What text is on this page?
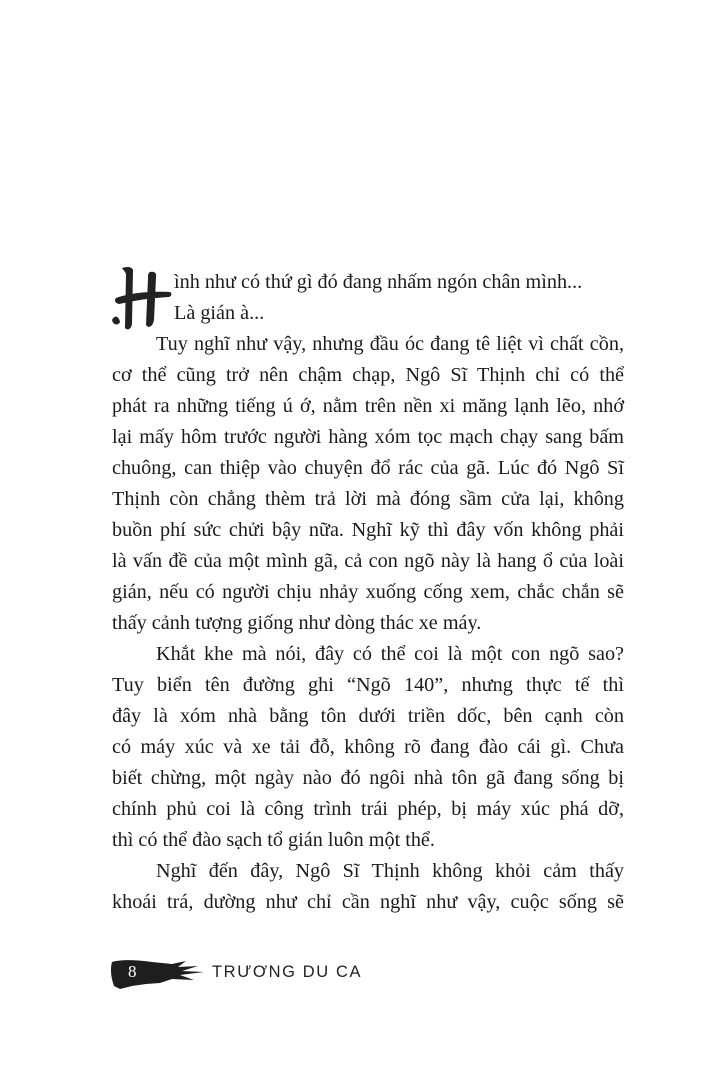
H
ình như có thứ gì đó đang nhấm ngón chân mình...
Là gián à...
Tuy nghĩ như vậy, nhưng đầu óc đang tê liệt vì chất cồn,
cơ thể cũng trở nên chậm chạp, Ngô Sĩ Thịnh chỉ có thể
phát ra những tiếng ú ớ, nằm trên nền xi măng lạnh lẽo, nhớ
lại mấy hôm trước người hàng xóm tọc mạch chạy sang bấm
chuông, can thiệp vào chuyện đổ rác của gã. Lúc đó Ngô Sĩ
Thịnh còn chẳng thèm trả lời mà đóng sầm cửa lại, không
buồn phí sức chửi bậy nữa. Nghĩ kỹ thì đây vốn không phải
là vấn đề của một mình gã, cả con ngõ này là hang ổ của loài
gián, nếu có người chịu nhảy xuống cống xem, chắc chắn sẽ
thấy cảnh tượng giống như dòng thác xe máy.
Khắt khe mà nói, đây có thể coi là một con ngõ sao?
Tuy biển tên đường ghi “Ngõ 140”, nhưng thực tế thì
đây là xóm nhà bằng tôn dưới triền dốc, bên cạnh còn
có máy xúc và xe tải đỗ, không rõ đang đào cái gì. Chưa
biết chừng, một ngày nào đó ngôi nhà tôn gã đang sống bị
chính phủ coi là công trình trái phép, bị máy xúc phá dỡ,
thì có thể đào sạch tổ gián luôn một thể.
Nghĩ đến đây, Ngô Sĩ Thịnh không khỏi cảm thấy
khoái trá, dường như chỉ cần nghĩ như vậy, cuộc sống sẽ
8	TRƯƠNG DU CA
